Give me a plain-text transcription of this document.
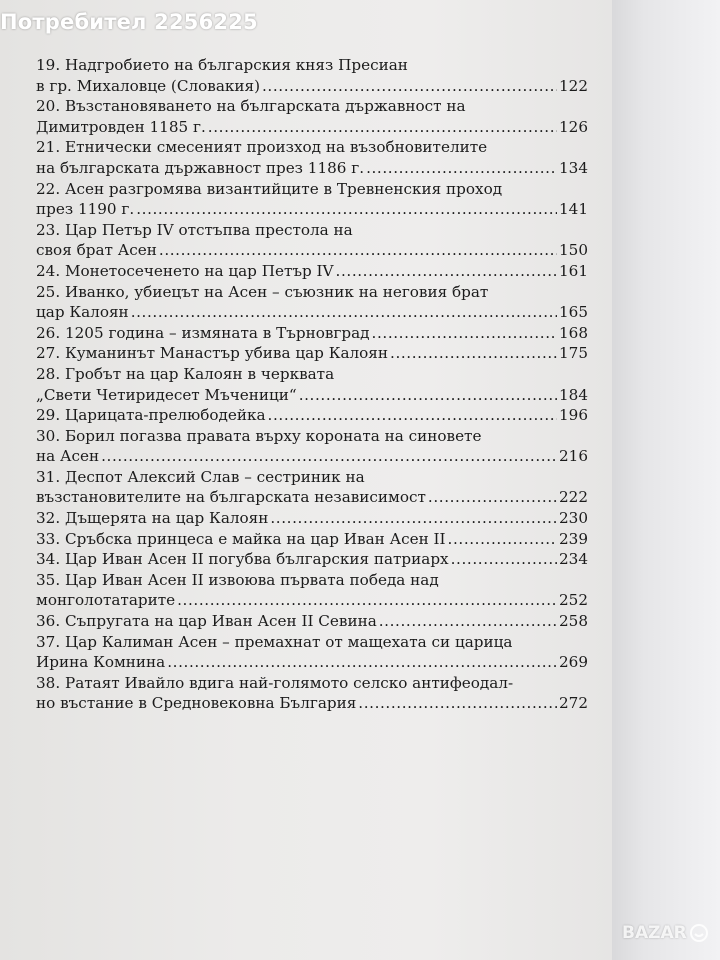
Потребител 2256225
19. Надгробието на българския княз Пресиан
в гр. Михаловце (Словакия) .....	122
20. Възстановяването на българската държавност на
Димитровден 1185 г. .....	126
21. Етнически смесеният произход на възобновителите
на българската държавност през 1186 г. .....	134
22. Асен разгромява византийците в Тревненския проход
през 1190 г. .....	141
23. Цар Петър IV отстъпва престола на
своя брат Асен .....	150
24. Монетосеченето на цар Петър IV .....	161
25. Иванко, убиецът на Асен – съюзник на неговия брат
цар Калоян .....	165
26. 1205 година – измяната в Търновград .....	168
27. Куманинът Манастър убива цар Калоян .....	175
28. Гробът на цар Калоян в черквата
„Свети Четиридесет Мъченици“ .....	184
29. Царицата-прелюбодейка .....	196
30. Борил погазва правата върху короната на синовете
на Асен .....	216
31. Деспот Алексий Слав – сестриник на
възстановителите на българската независимост .....	222
32. Дъщерята на цар Калоян .....	230
33. Сръбска принцеса е майка на цар Иван Асен II .....	239
34. Цар Иван Асен II погубва българския патриарх .....	234
35. Цар Иван Асен II извоюва първата победа над
монголотатарите .....	252
36. Съпругата на цар Иван Асен II Севина .....	258
37. Цар Калиман Асен – премахнат от мащехата си царица
Ирина Комнина .....	269
38. Ратаят Ивайло вдига най-голямото селско антифеодал-
но въстание в Средновековна България .....	272
BAZAR
